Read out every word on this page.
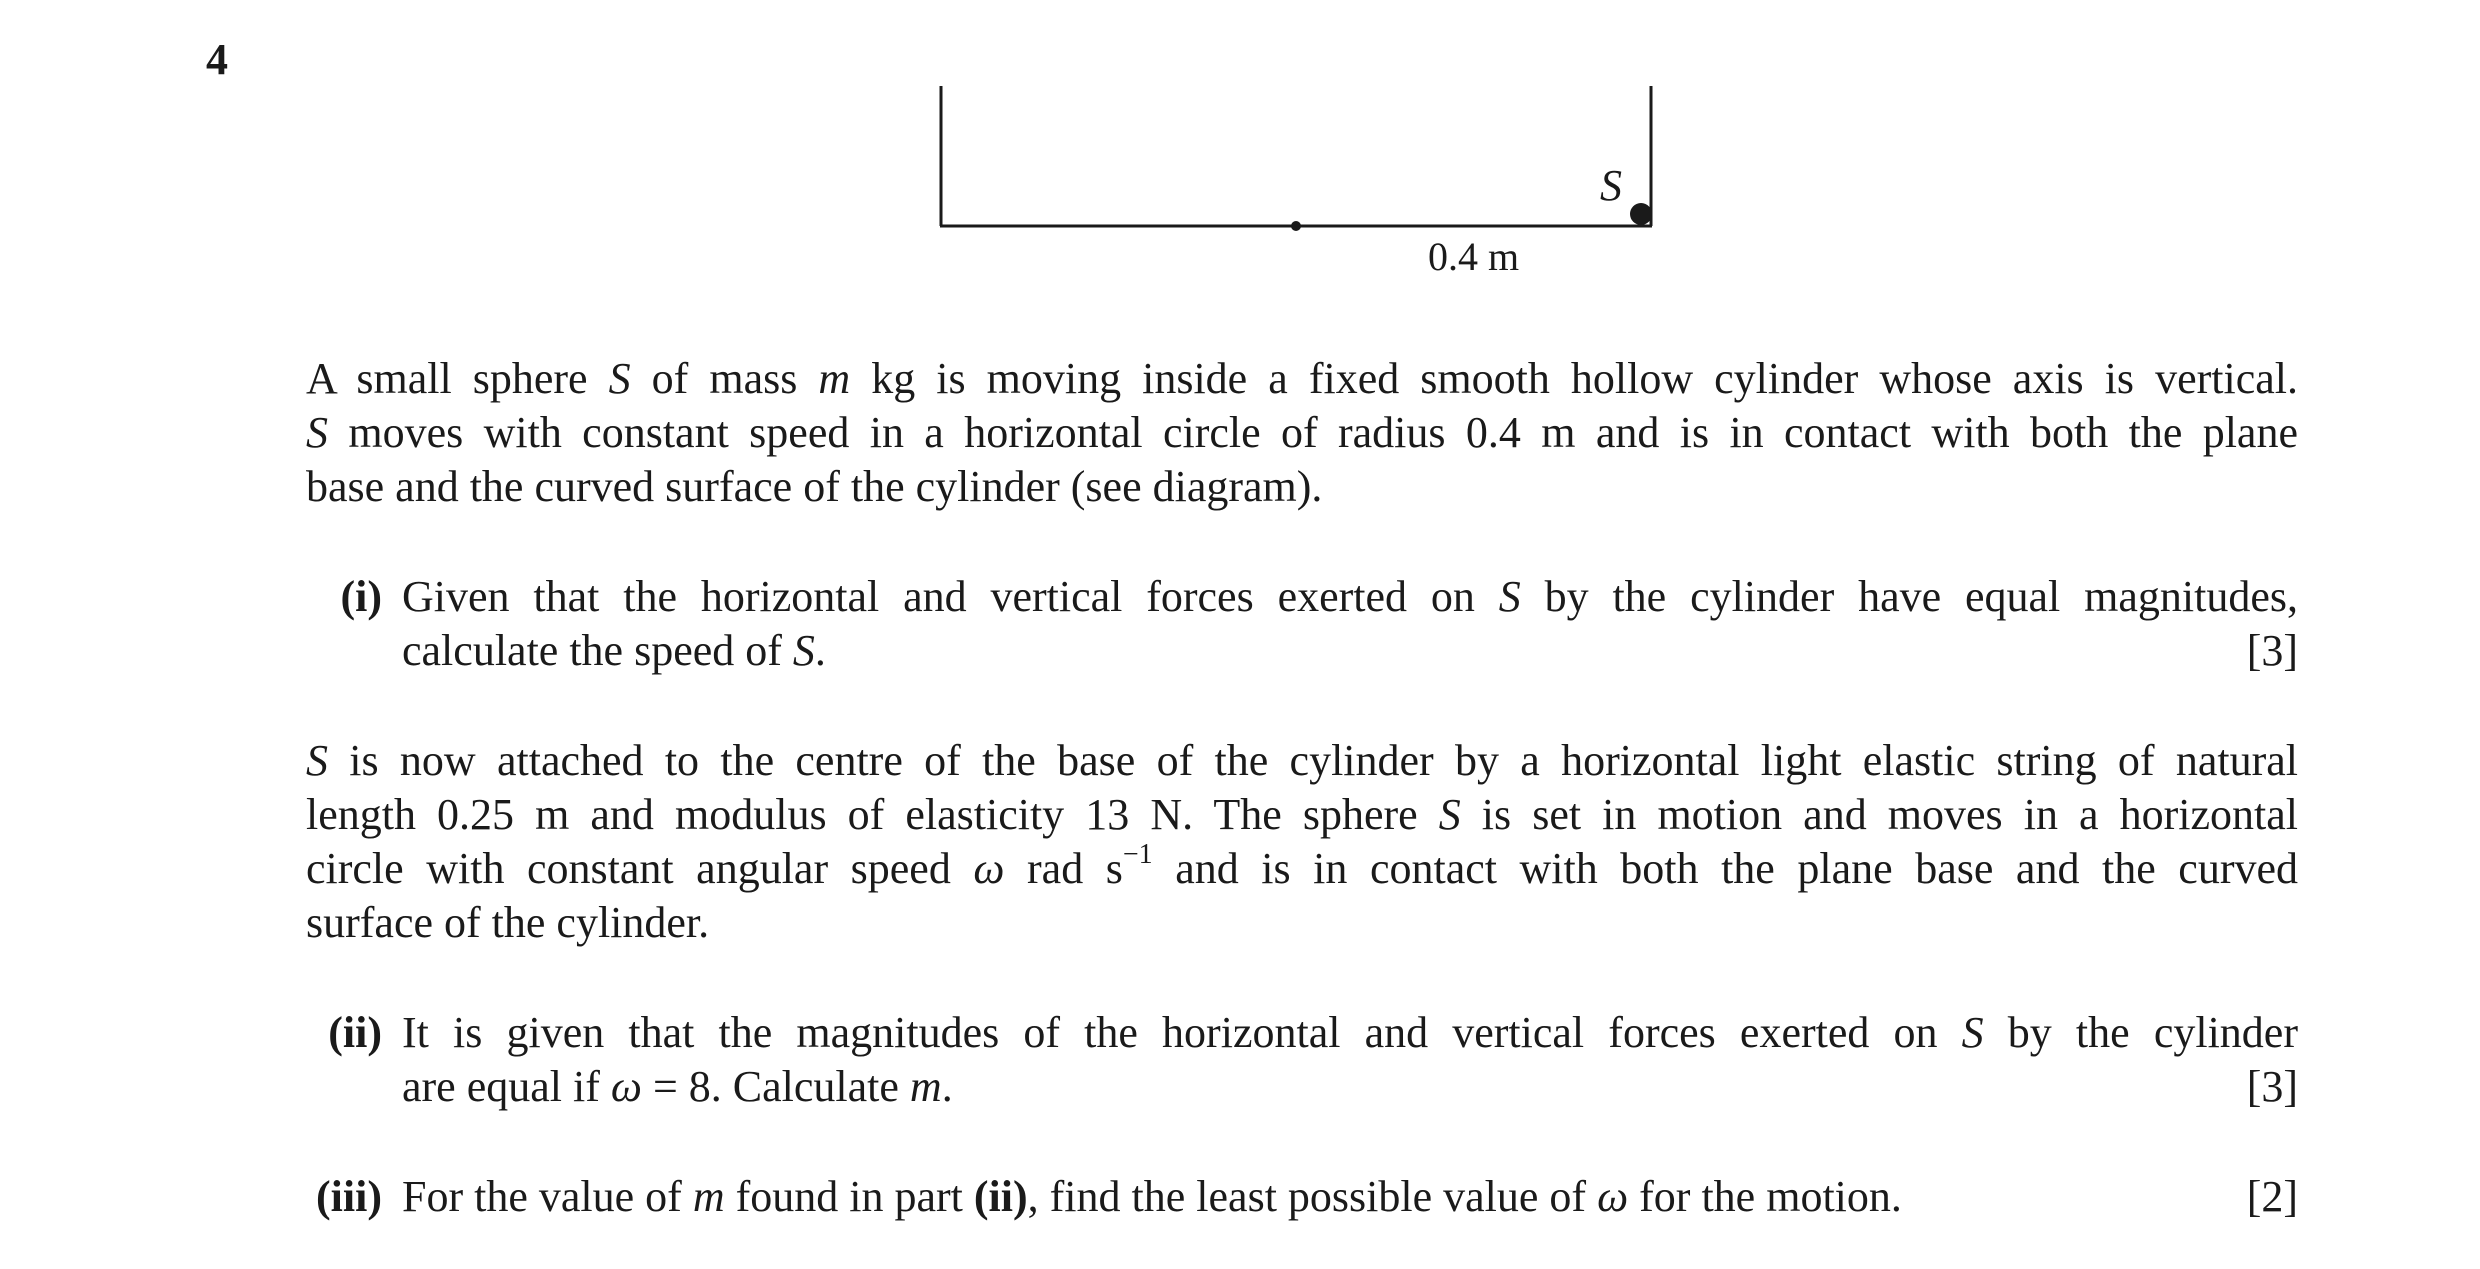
4
S
0.4 m
A small sphere S of mass m kg is moving inside a fixed smooth hollow cylinder whose axis is vertical.
S moves with constant speed in a horizontal circle of radius 0.4 m and is in contact with both the plane
base and the curved surface of the cylinder (see diagram).
(i) Given that the horizontal and vertical forces exerted on S by the cylinder have equal magnitudes,
calculate the speed of S.	[3]
S is now attached to the centre of the base of the cylinder by a horizontal light elastic string of natural
length 0.25 m and modulus of elasticity 13 N. The sphere S is set in motion and moves in a horizontal
circle with constant angular speed ω rad $s^{-1}$ and is in contact with both the plane base and the curved
surface of the cylinder.
(ii) It is given that the magnitudes of the horizontal and vertical forces exerted on S by the cylinder
are equal if ω = 8. Calculate m.	[3]
(iii) For the value of m found in part (ii), find the least possible value of ω for the motion.	[2]
